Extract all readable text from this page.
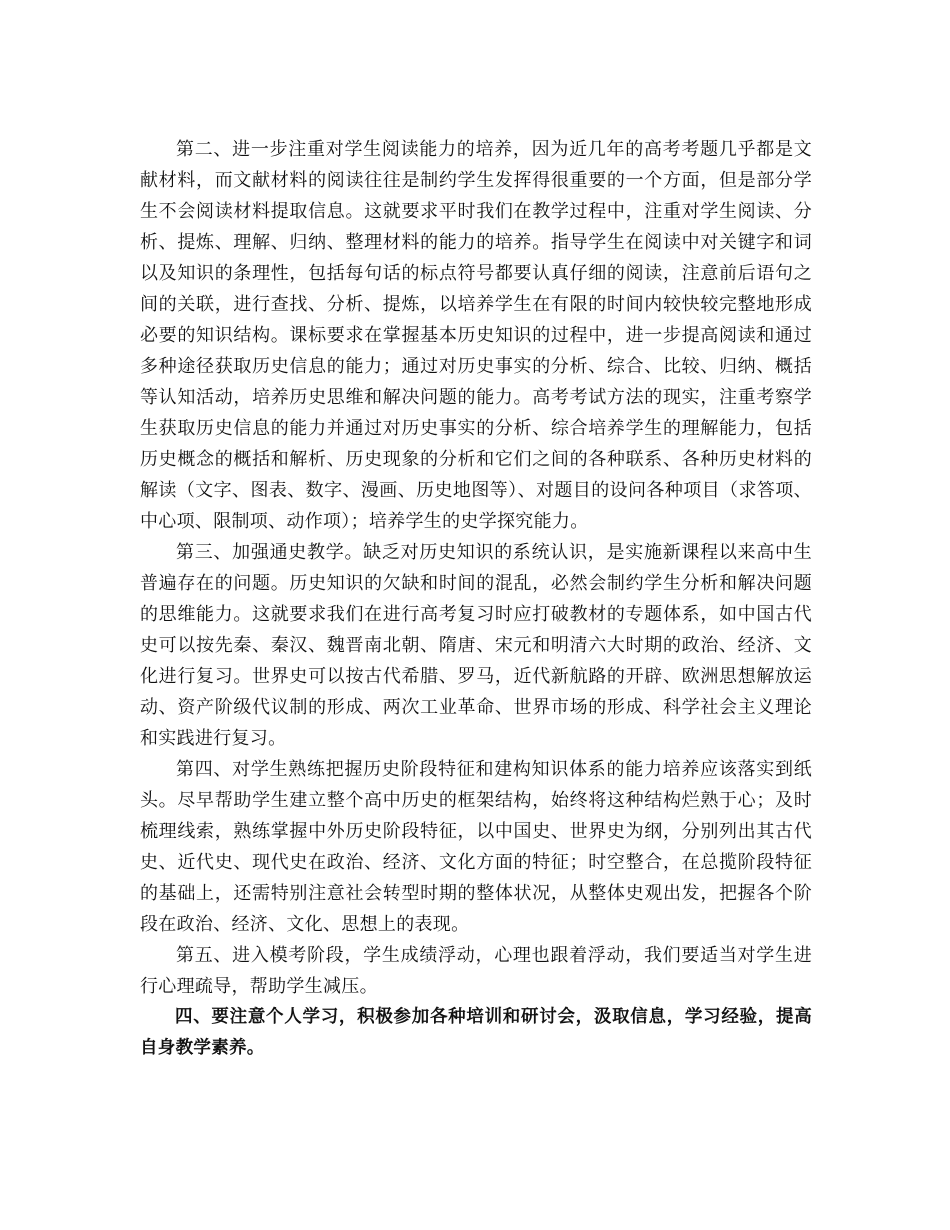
第二、进一步注重对学生阅读能力的培养，因为近几年的高考考题几乎都是文献材料，而文献材料的阅读往往是制约学生发挥得很重要的一个方面，但是部分学生不会阅读材料提取信息。这就要求平时我们在教学过程中，注重对学生阅读、分析、提炼、理解、归纳、整理材料的能力的培养。指导学生在阅读中对关键字和词以及知识的条理性，包括每句话的标点符号都要认真仔细的阅读，注意前后语句之间的关联，进行查找、分析、提炼，以培养学生在有限的时间内较快较完整地形成必要的知识结构。课标要求在掌握基本历史知识的过程中，进一步提高阅读和通过多种途径获取历史信息的能力；通过对历史事实的分析、综合、比较、归纳、概括等认知活动，培养历史思维和解决问题的能力。高考考试方法的现实，注重考察学生获取历史信息的能力并通过对历史事实的分析、综合培养学生的理解能力，包括历史概念的概括和解析、历史现象的分析和它们之间的各种联系、各种历史材料的解读（文字、图表、数字、漫画、历史地图等）、对题目的设问各种项目（求答项、中心项、限制项、动作项）；培养学生的史学探究能力。

第三、加强通史教学。缺乏对历史知识的系统认识，是实施新课程以来高中生普遍存在的问题。历史知识的欠缺和时间的混乱，必然会制约学生分析和解决问题的思维能力。这就要求我们在进行高考复习时应打破教材的专题体系，如中国古代史可以按先秦、秦汉、魏晋南北朝、隋唐、宋元和明清六大时期的政治、经济、文化进行复习。世界史可以按古代希腊、罗马，近代新航路的开辟、欧洲思想解放运动、资产阶级代议制的形成、两次工业革命、世界市场的形成、科学社会主义理论和实践进行复习。

第四、对学生熟练把握历史阶段特征和建构知识体系的能力培养应该落实到纸头。尽早帮助学生建立整个高中历史的框架结构，始终将这种结构烂熟于心；及时梳理线索，熟练掌握中外历史阶段特征，以中国史、世界史为纲，分别列出其古代史、近代史、现代史在政治、经济、文化方面的特征；时空整合，在总揽阶段特征的基础上，还需特别注意社会转型时期的整体状况，从整体史观出发，把握各个阶段在政治、经济、文化、思想上的表现。

第五、进入模考阶段，学生成绩浮动，心理也跟着浮动，我们要适当对学生进行心理疏导，帮助学生减压。

四、要注意个人学习，积极参加各种培训和研讨会，汲取信息，学习经验，提高自身教学素养。
